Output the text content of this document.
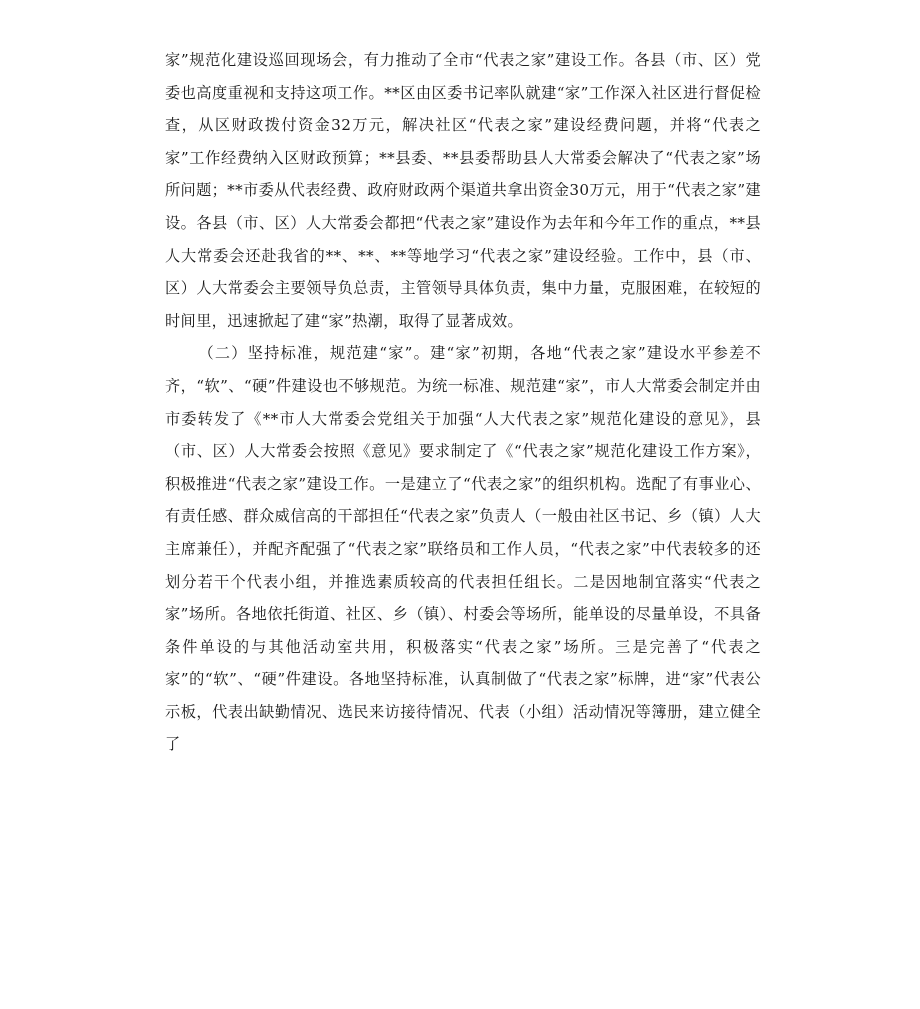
家”规范化建设巡回现场会，有力推动了全市“代表之家”建设工作。各县（市、区）党委也高度重视和支持这项工作。**区由区委书记率队就建“家”工作深入社区进行督促检查，从区财政拨付资金32万元，解决社区“代表之家”建设经费问题，并将“代表之家”工作经费纳入区财政预算；**县委、**县委帮助县人大常委会解决了“代表之家”场所问题；**市委从代表经费、政府财政两个渠道共拿出资金30万元，用于“代表之家”建设。各县（市、区）人大常委会都把“代表之家”建设作为去年和今年工作的重点，**县人大常委会还赴我省的**、**、**等地学习“代表之家”建设经验。工作中，县（市、区）人大常委会主要领导负总责，主管领导具体负责，集中力量，克服困难，在较短的时间里，迅速掀起了建“家”热潮，取得了显著成效。

（二）坚持标准，规范建“家”。建“家”初期，各地“代表之家”建设水平参差不齐，“软”、“硬”件建设也不够规范。为统一标准、规范建“家”，市人大常委会制定并由市委转发了《**市人大常委会党组关于加强“人大代表之家”规范化建设的意见》，县（市、区）人大常委会按照《意见》要求制定了《“代表之家”规范化建设工作方案》，积极推进“代表之家”建设工作。一是建立了“代表之家”的组织机构。选配了有事业心、有责任感、群众威信高的干部担任“代表之家”负责人（一般由社区书记、乡（镇）人大主席兼任），并配齐配强了“代表之家”联络员和工作人员，“代表之家”中代表较多的还划分若干个代表小组，并推选素质较高的代表担任组长。二是因地制宜落实“代表之家”场所。各地依托街道、社区、乡（镇）、村委会等场所，能单设的尽量单设，不具备条件单设的与其他活动室共用，积极落实“代表之家”场所。三是完善了“代表之家”的“软”、“硬”件建设。各地坚持标准，认真制做了“代表之家”标牌，进“家”代表公示板，代表出缺勤情况、选民来访接待情况、代表（小组）活动情况等簿册，建立健全了
